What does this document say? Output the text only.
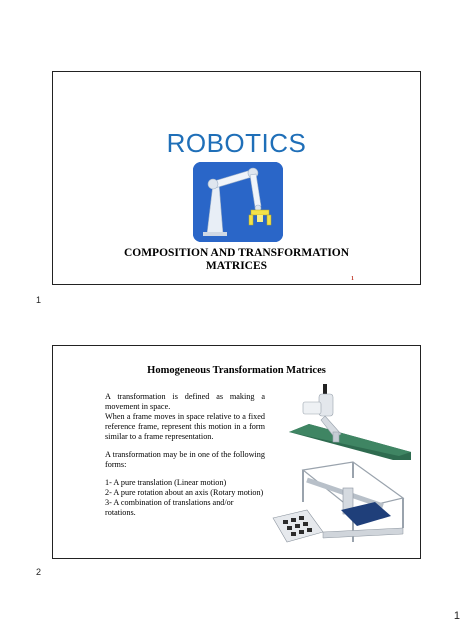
ROBOTICS
COMPOSITION AND TRANSFORMATION
MATRICES
1
1
Homogeneous Transformation Matrices

A transformation is defined as making a movement in space.

When a frame moves in space relative to a fixed reference frame, represent this motion in a form similar to a frame representation.

A transformation may be in one of the following forms:

1- A pure translation (Linear motion)
2- A pure rotation about an axis (Rotary motion)
3- A combination of translations and/or rotations.
2
1
